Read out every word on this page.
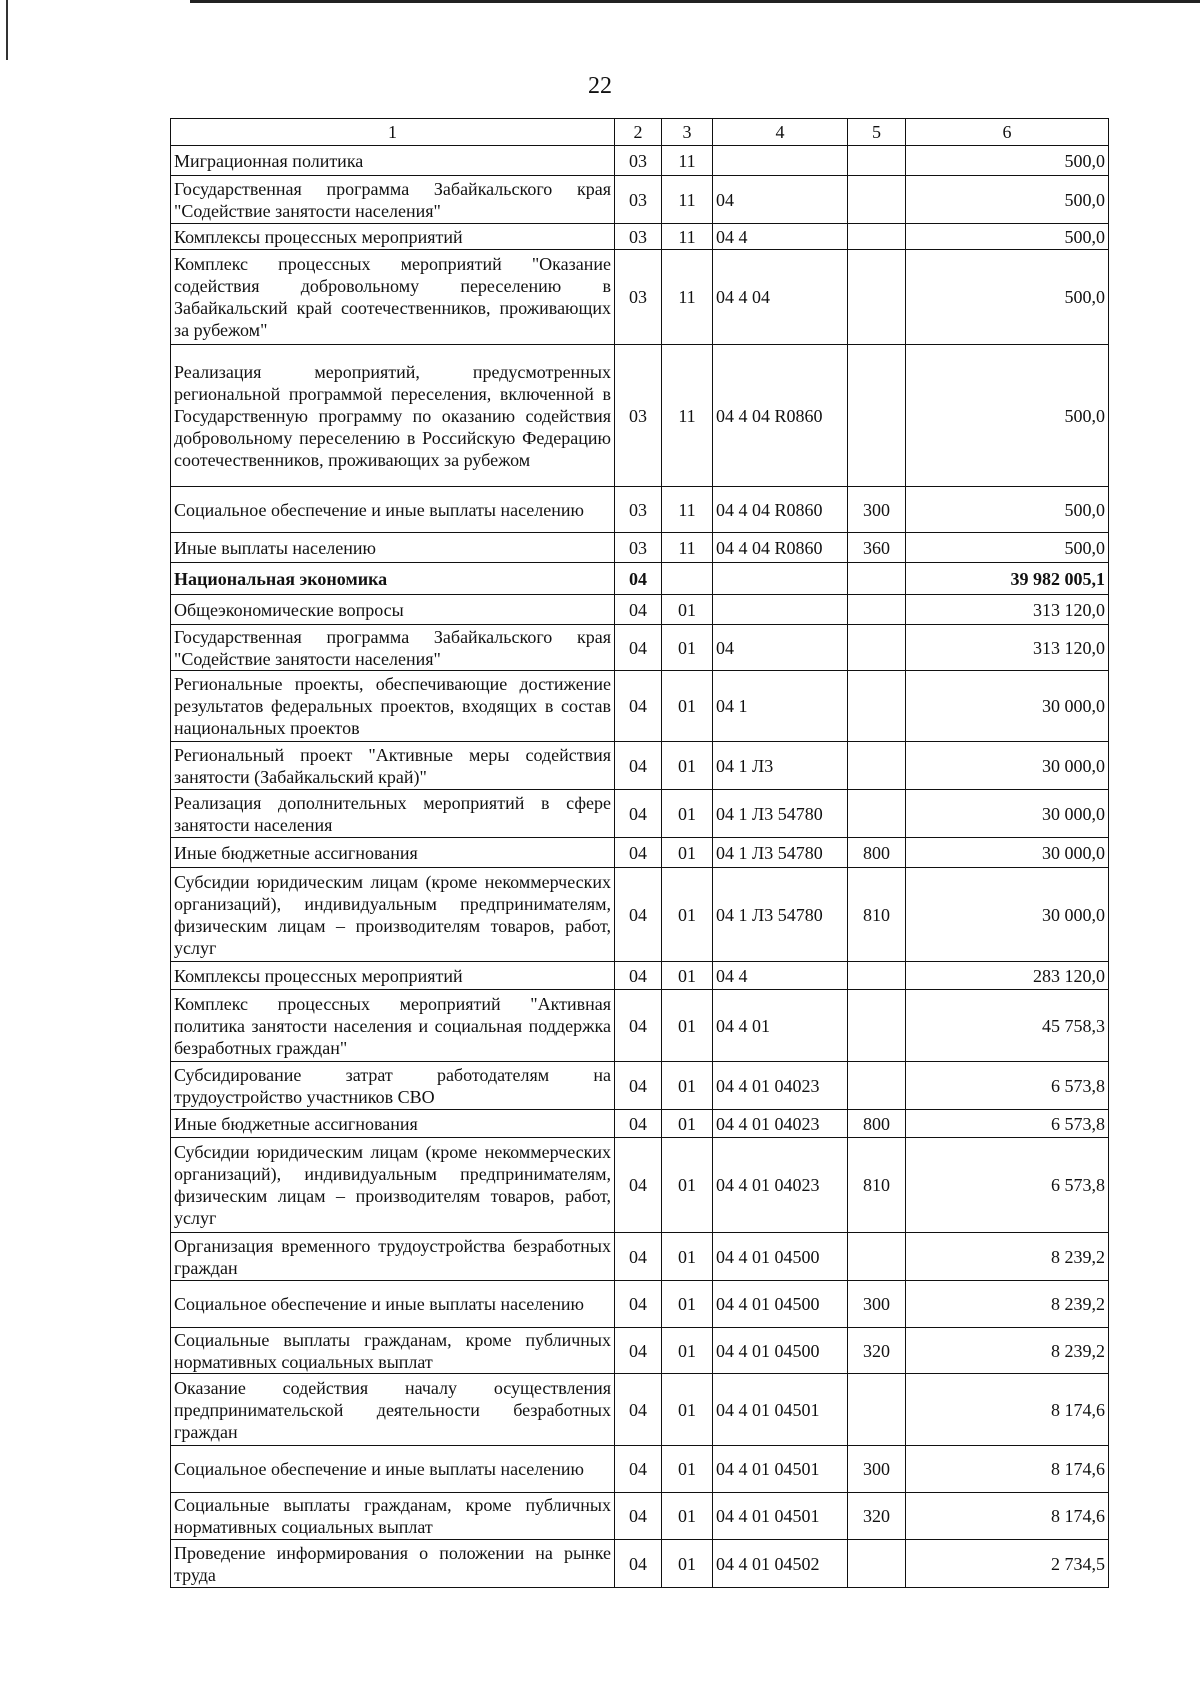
22
1	2	3	4	5	6
Миграционная политика	03	11			500,0
Государственная программа Забайкальского края "Содействие занятости населения"	03	11	04		500,0
Комплексы процессных мероприятий	03	11	04 4		500,0
Комплекс процессных мероприятий "Оказание содействия добровольному переселению в Забайкальский край соотечественников, проживающих за рубежом"	03	11	04 4 04		500,0
Реализация мероприятий, предусмотренных региональной программой переселения, включенной в Государственную программу по оказанию содействия добровольному переселению в Российскую Федерацию соотечественников, проживающих за рубежом	03	11	04 4 04 R0860		500,0
Социальное обеспечение и иные выплаты населению	03	11	04 4 04 R0860	300	500,0
Иные выплаты населению	03	11	04 4 04 R0860	360	500,0
Национальная экономика	04				39 982 005,1
Общеэкономические вопросы	04	01			313 120,0
Государственная программа Забайкальского края "Содействие занятости населения"	04	01	04		313 120,0
Региональные проекты, обеспечивающие достижение результатов федеральных проектов, входящих в состав национальных проектов	04	01	04 1		30 000,0
Региональный проект "Активные меры содействия занятости (Забайкальский край)"	04	01	04 1 Л3		30 000,0
Реализация дополнительных мероприятий в сфере занятости населения	04	01	04 1 Л3 54780		30 000,0
Иные бюджетные ассигнования	04	01	04 1 Л3 54780	800	30 000,0
Субсидии юридическим лицам (кроме некоммерческих организаций), индивидуальным предпринимателям, физическим лицам – производителям товаров, работ, услуг	04	01	04 1 Л3 54780	810	30 000,0
Комплексы процессных мероприятий	04	01	04 4		283 120,0
Комплекс процессных мероприятий "Активная политика занятости населения и социальная поддержка безработных граждан"	04	01	04 4 01		45 758,3
Субсидирование затрат работодателям на трудоустройство участников СВО	04	01	04 4 01 04023		6 573,8
Иные бюджетные ассигнования	04	01	04 4 01 04023	800	6 573,8
Субсидии юридическим лицам (кроме некоммерческих организаций), индивидуальным предпринимателям, физическим лицам – производителям товаров, работ, услуг	04	01	04 4 01 04023	810	6 573,8
Организация временного трудоустройства безработных граждан	04	01	04 4 01 04500		8 239,2
Социальное обеспечение и иные выплаты населению	04	01	04 4 01 04500	300	8 239,2
Социальные выплаты гражданам, кроме публичных нормативных социальных выплат	04	01	04 4 01 04500	320	8 239,2
Оказание содействия началу осуществления предпринимательской деятельности безработных граждан	04	01	04 4 01 04501		8 174,6
Социальное обеспечение и иные выплаты населению	04	01	04 4 01 04501	300	8 174,6
Социальные выплаты гражданам, кроме публичных нормативных социальных выплат	04	01	04 4 01 04501	320	8 174,6
Проведение информирования о положении на рынке труда	04	01	04 4 01 04502		2 734,5
